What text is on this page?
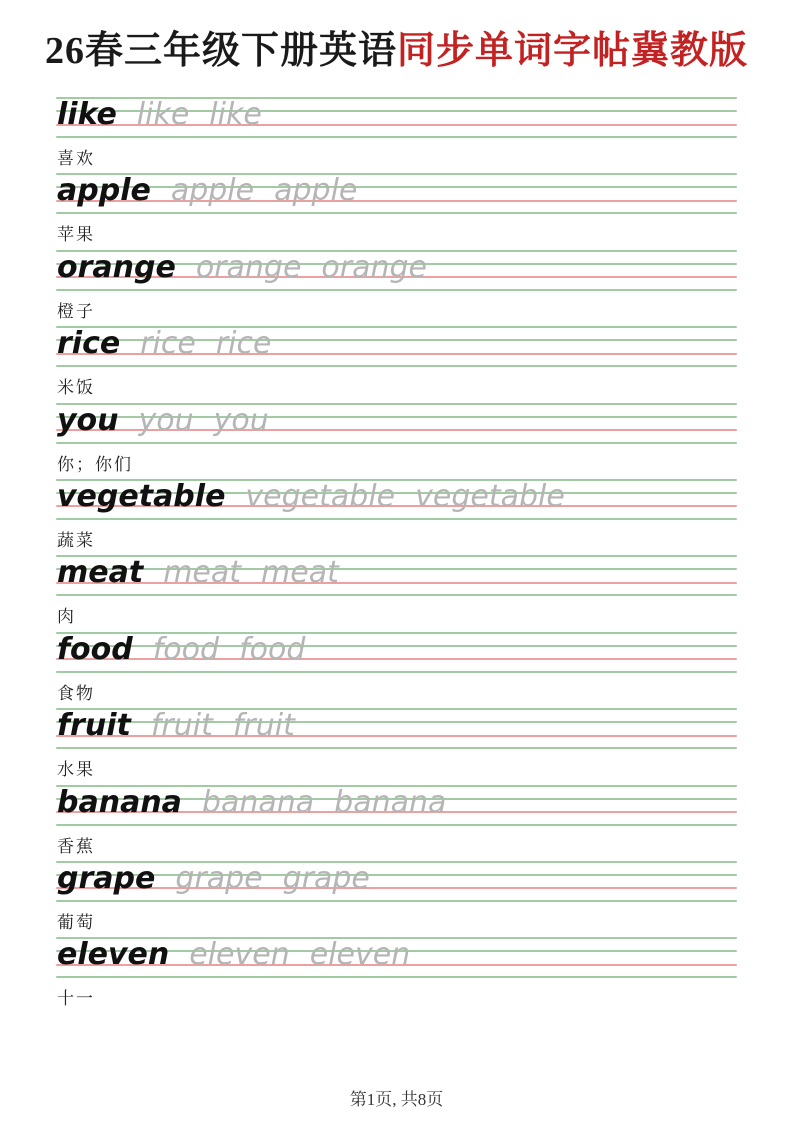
26春三年级下册英语同步单词字帖冀教版
like like like
喜欢
apple apple apple
苹果
orange orange orange
橙子
rice rice rice
米饭
you you you
你；你们
vegetable vegetable vegetable
蔬菜
meat meat meat
肉
food food food
食物
fruit fruit fruit
水果
banana banana banana
香蕉
grape grape grape
葡萄
eleven eleven eleven
十一
第1页, 共8页
